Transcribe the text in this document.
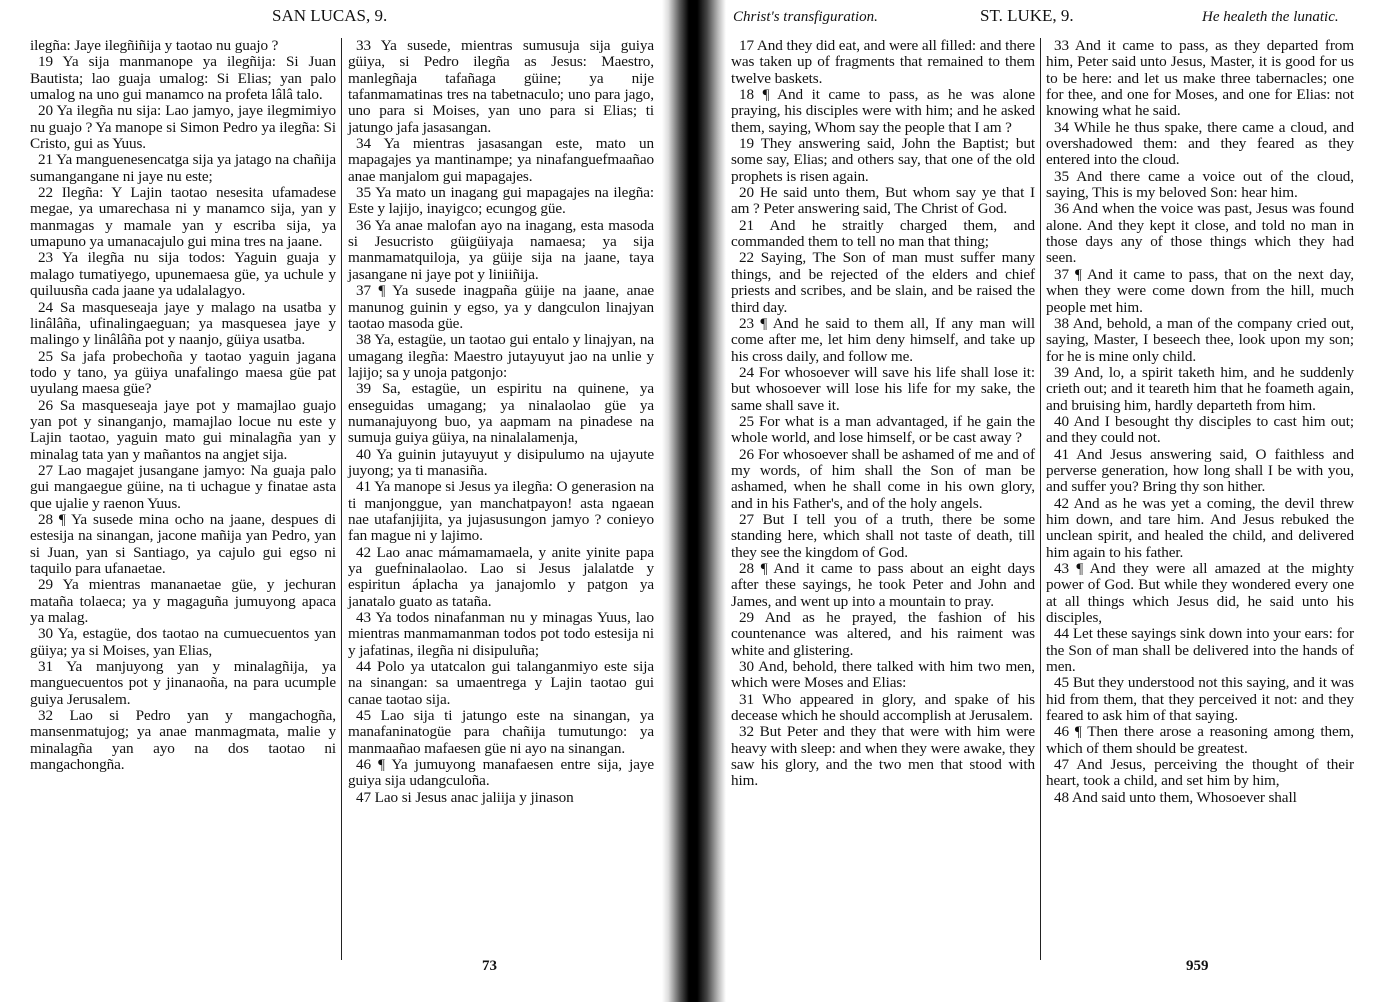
SAN LUCAS, 9.

ilegña: Jaye ilegñiñija y taotao nu guajo ?

19 Ya sija manmanope ya ilegñija: Si Juan Bautista; lao guaja umalog: Si Elias; yan palo umalog na uno gui manamco na profeta lâlâ talo.

20 Ya ilegña nu sija: Lao jamyo, jaye ilegmimiyo nu guajo ? Ya manope si Simon Pedro ya ilegña: Si Cristo, gui as Yuus.

21 Ya manguenesencatga sija ya jatago na chañija sumangangane ni jaye nu este;

22 Ilegña: Y Lajin taotao nesesita ufamadese megae, ya umarechasa ni y manamco sija, yan y manmagas y mamale yan y escriba sija, ya umapuno ya umanacajulo gui mina tres na jaane.

23 Ya ilegña nu sija todos: Yaguin guaja y malago tumatiyego, upunemaesa güe, ya uchule y quiluusña cada jaane ya udalalagyo.

24 Sa masqueseaja jaye y malago na usatba y linâlâña, ufinalingaeguan; ya masquesea jaye y malingo y linâlâña pot y naanjo, güiya usatba.

25 Sa jafa probechoña y taotao yaguin jagana todo y tano, ya güiya unafalingo maesa güe pat uyulang maesa güe?

26 Sa masqueseaja jaye pot y mamajlao guajo yan pot y sinanganjo, mamajlao locue nu este y Lajin taotao, yaguin mato gui minalagña yan y minalag tata yan y mañantos na angjet sija.

27 Lao magajet jusangane jamyo: Na guaja palo gui mangaegue güine, na ti uchague y finatae asta que ujalie y raenon Yuus.

28 ¶ Ya susede mina ocho na jaane, despues di estesija na sinangan, jacone mañija yan Pedro, yan si Juan, yan si Santiago, ya cajulo gui egso ni taquilo para ufanaetae.

29 Ya mientras mananaetae güe, y jechuran mataña tolaeca; ya y magaguña jumuyong apaca ya malag.

30 Ya, estagüe, dos taotao na cumuecuentos yan güiya; ya si Moises, yan Elias,

31 Ya manjuyong yan y minalagñija, ya manguecuentos pot y jinanaoña, na para ucumple guiya Jerusalem.

32 Lao si Pedro yan y mangachogña, mansenmatujog; ya anae manmagmata, malie y minalagña yan ayo na dos taotao ni mangachongña.

33 Ya susede, mientras sumusuja sija guiya güiya, si Pedro ilegña as Jesus: Maestro, manlegñaja tafañaga güine; ya nije tafanmamatinas tres na tabetnaculo; uno para jago, uno para si Moises, yan uno para si Elias; ti jatungo jafa jasasangan.

34 Ya mientras jasasangan este, mato un mapagajes ya mantinampe; ya ninafanguefmaañao anae manjalom gui mapagajes.

35 Ya mato un inagang gui mapagajes na ilegña: Este y lajijo, inayigco; ecungog güe.

36 Ya anae malofan ayo na inagang, esta masoda si Jesucristo güigüiyaja namaesa; ya sija manmamatquiloja, ya güije sija na jaane, taya jasangane ni jaye pot y liniiñija.

37 ¶ Ya susede inagpaña güije na jaane, anae manunog guinin y egso, ya y dangculon linajyan taotao masoda güe.

38 Ya, estagüe, un taotao gui entalo y linajyan, na umagang ilegña: Maestro jutayuyut jao na unlie y lajijo; sa y unoja patgonjo:

39 Sa, estagüe, un espiritu na quinene, ya enseguidas umagang; ya ninalaolao güe ya numanajuyong buo, ya aapmam na pinadese na sumuja guiya güiya, na ninalalamenja,

40 Ya guinin jutayuyut y disipulumo na ujayute juyong; ya ti manasiña.

41 Ya manope si Jesus ya ilegña: O generasion na ti manjonggue, yan manchatpayon! asta ngaean nae utafanjijita, ya jujasusungon jamyo ? conieyo fan mague ni y lajimo.

42 Lao anac mámamamaela, y anite yinite papa ya guefninalaolao. Lao si Jesus jalalatde y espiritun áplacha ya janajomlo y patgon ya janatalo guato as tataña.

43 Ya todos ninafanman nu y minagas Yuus, lao mientras manmamanman todos pot todo estesija ni y jafatinas, ilegña ni disipuluña;

44 Polo ya utatcalon gui talanganmiyo este sija na sinangan: sa umaentrega y Lajin taotao gui canae taotao sija.

45 Lao sija ti jatungo este na sinangan, ya manafaninatogüe para chañija tumutungo: ya manmaañao mafaesen güe ni ayo na sinangan.

46 ¶ Ya jumuyong manafaesen entre sija, jaye guiya sija udangculoña.

47 Lao si Jesus anac jaliija y jinason

73
Christ's transfiguration.	ST. LUKE, 9.	He healeth the lunatic.

17 And they did eat, and were all filled: and there was taken up of fragments that remained to them twelve baskets.

18 ¶ And it came to pass, as he was alone praying, his disciples were with him; and he asked them, saying, Whom say the people that I am ?

19 They answering said, John the Baptist; but some say, Elias; and others say, that one of the old prophets is risen again.

20 He said unto them, But whom say ye that I am ? Peter answering said, The Christ of God.

21 And he straitly charged them, and commanded them to tell no man that thing;

22 Saying, The Son of man must suffer many things, and be rejected of the elders and chief priests and scribes, and be slain, and be raised the third day.

23 ¶ And he said to them all, If any man will come after me, let him deny himself, and take up his cross daily, and follow me.

24 For whosoever will save his life shall lose it: but whosoever will lose his life for my sake, the same shall save it.

25 For what is a man advantaged, if he gain the whole world, and lose himself, or be cast away ?

26 For whosoever shall be ashamed of me and of my words, of him shall the Son of man be ashamed, when he shall come in his own glory, and in his Father's, and of the holy angels.

27 But I tell you of a truth, there be some standing here, which shall not taste of death, till they see the kingdom of God.

28 ¶ And it came to pass about an eight days after these sayings, he took Peter and John and James, and went up into a mountain to pray.

29 And as he prayed, the fashion of his countenance was altered, and his raiment was white and glistering.

30 And, behold, there talked with him two men, which were Moses and Elias:

31 Who appeared in glory, and spake of his decease which he should accomplish at Jerusalem.

32 But Peter and they that were with him were heavy with sleep: and when they were awake, they saw his glory, and the two men that stood with him.

33 And it came to pass, as they departed from him, Peter said unto Jesus, Master, it is good for us to be here: and let us make three tabernacles; one for thee, and one for Moses, and one for Elias: not knowing what he said.

34 While he thus spake, there came a cloud, and overshadowed them: and they feared as they entered into the cloud.

35 And there came a voice out of the cloud, saying, This is my beloved Son: hear him.

36 And when the voice was past, Jesus was found alone. And they kept it close, and told no man in those days any of those things which they had seen.

37 ¶ And it came to pass, that on the next day, when they were come down from the hill, much people met him.

38 And, behold, a man of the company cried out, saying, Master, I beseech thee, look upon my son; for he is mine only child.

39 And, lo, a spirit taketh him, and he suddenly crieth out; and it teareth him that he foameth again, and bruising him, hardly departeth from him.

40 And I besought thy disciples to cast him out; and they could not.

41 And Jesus answering said, O faithless and perverse generation, how long shall I be with you, and suffer you? Bring thy son hither.

42 And as he was yet a coming, the devil threw him down, and tare him. And Jesus rebuked the unclean spirit, and healed the child, and delivered him again to his father.

43 ¶ And they were all amazed at the mighty power of God. But while they wondered every one at all things which Jesus did, he said unto his disciples,

44 Let these sayings sink down into your ears: for the Son of man shall be delivered into the hands of men.

45 But they understood not this saying, and it was hid from them, that they perceived it not: and they feared to ask him of that saying.

46 ¶ Then there arose a reasoning among them, which of them should be greatest.

47 And Jesus, perceiving the thought of their heart, took a child, and set him by him,

48 And said unto them, Whosoever shall

959
